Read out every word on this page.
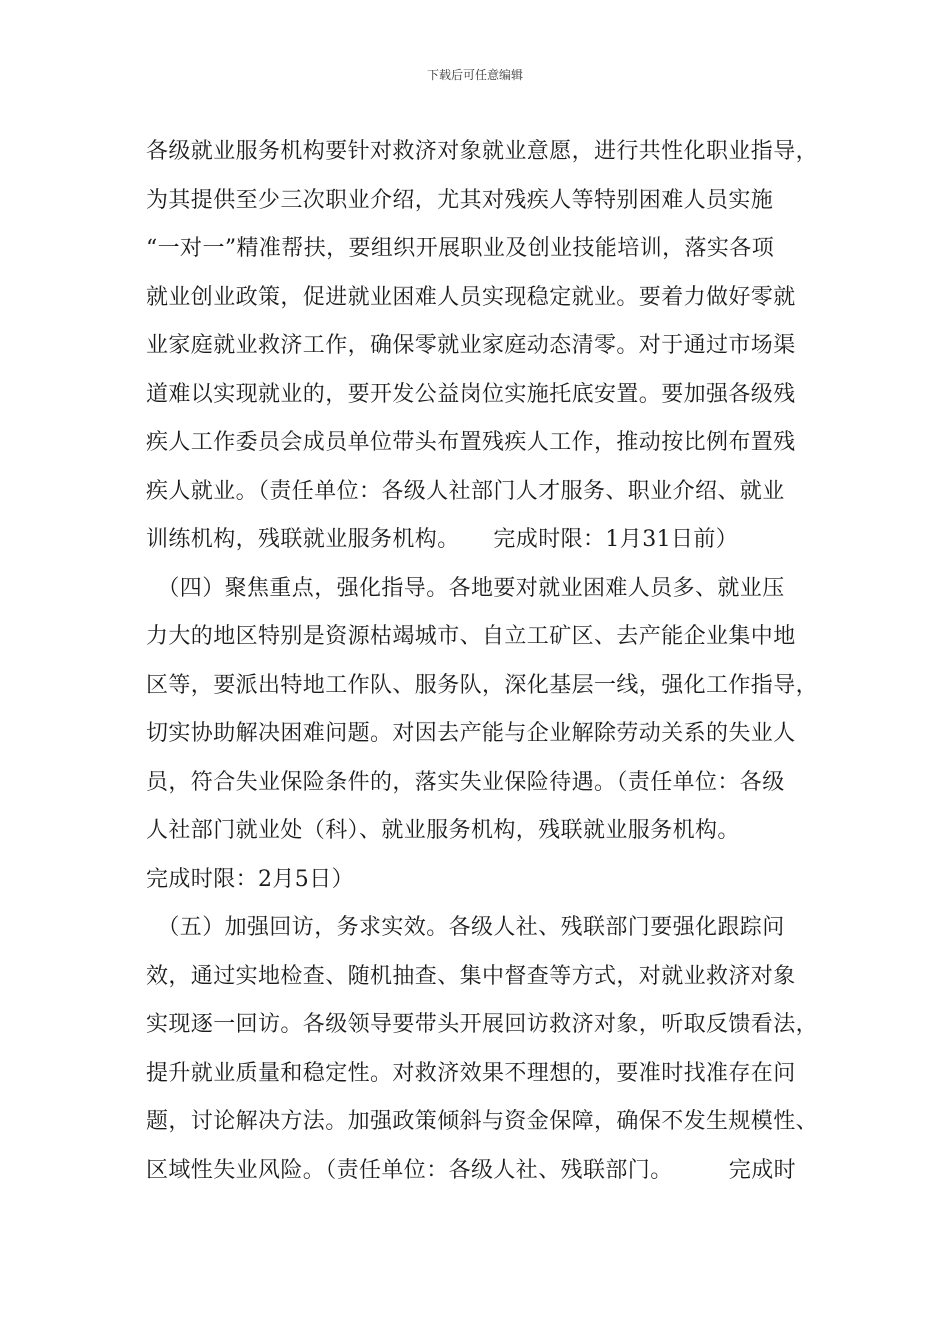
下载后可任意编辑
各级就业服务机构要针对救济对象就业意愿，进行共性化职业指导，
为其提供至少三次职业介绍，尤其对残疾人等特别困难人员实施
“一对一”精准帮扶，要组织开展职业及创业技能培训，落实各项
就业创业政策，促进就业困难人员实现稳定就业。要着力做好零就
业家庭就业救济工作，确保零就业家庭动态清零。对于通过市场渠
道难以实现就业的，要开发公益岗位实施托底安置。要加强各级残
疾人工作委员会成员单位带头布置残疾人工作，推动按比例布置残
疾人就业。（责任单位：各级人社部门人才服务、职业介绍、就业
训练机构，残联就业服务机构。　　完成时限：1月31日前）
　（四）聚焦重点，强化指导。各地要对就业困难人员多、就业压
力大的地区特别是资源枯竭城市、自立工矿区、去产能企业集中地
区等，要派出特地工作队、服务队，深化基层一线，强化工作指导，
切实协助解决困难问题。对因去产能与企业解除劳动关系的失业人
员，符合失业保险条件的，落实失业保险待遇。（责任单位：各级
人社部门就业处（科）、就业服务机构，残联就业服务机构。
完成时限：2月5日）
　（五）加强回访，务求实效。各级人社、残联部门要强化跟踪问
效，通过实地检查、随机抽查、集中督查等方式，对就业救济对象
实现逐一回访。各级领导要带头开展回访救济对象，听取反馈看法，
提升就业质量和稳定性。对救济效果不理想的，要准时找准存在问
题，讨论解决方法。加强政策倾斜与资金保障，确保不发生规模性、
区域性失业风险。（责任单位：各级人社、残联部门。　　　完成时
